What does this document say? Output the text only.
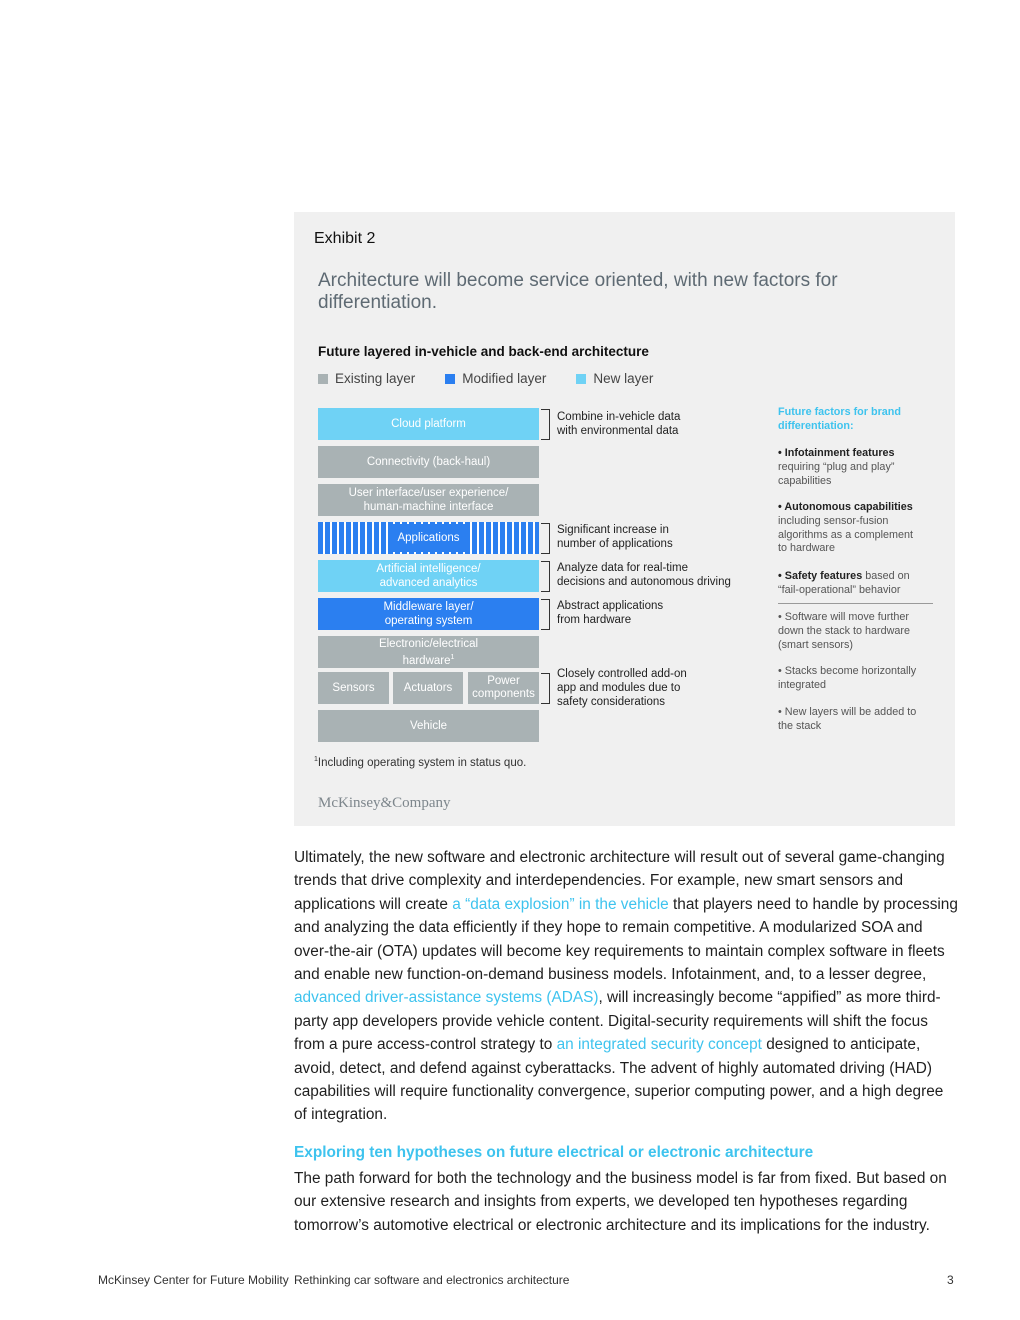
Exhibit 2
Architecture will become service oriented, with new factors for differentiation.
Future layered in-vehicle and back-end architecture
Existing layer	Modified layer	New layer
Cloud platform
Connectivity (back-haul)
User interface/user experience/
human-machine interface
Applications
Artificial intelligence/
advanced analytics
Middleware layer/
operating system
Electronic/electrical
hardware$^1$
Sensors	Actuators
Power
components
Vehicle
Combine in-vehicle data
with environmental data
Significant increase in
number of applications
Analyze data for real-time
decisions and autonomous driving
Abstract applications
from hardware
Closely controlled add-on
app and modules due to
safety considerations
Future factors for brand
differentiation:
• Infotainment features
requiring “plug and play”
capabilities
• Autonomous capabilities
including sensor-fusion
algorithms as a complement
to hardware
• Safety features based on
“fail-operational” behavior
• Software will move further
down the stack to hardware
(smart sensors)
• Stacks become horizontally
integrated
• New layers will be added to
the stack
$^1$Including operating system in status quo.
McKinsey&Company
Ultimately, the new software and electronic architecture will result out of several game-changing trends that drive complexity and interdependencies. For example, new smart sensors and applications will create a “data explosion” in the vehicle that players need to handle by processing and analyzing the data efficiently if they hope to remain competitive. A modularized SOA and over-the-air (OTA) updates will become key requirements to maintain complex software in fleets and enable new function-on-demand business models. Infotainment, and, to a lesser degree, advanced driver-assistance systems (ADAS), will increasingly become “appified” as more third-party app developers provide vehicle content. Digital-security requirements will shift the focus from a pure access-control strategy to an integrated security concept designed to anticipate, avoid, detect, and defend against cyberattacks. The advent of highly automated driving (HAD) capabilities will require functionality convergence, superior computing power, and a high degree of integration.
Exploring ten hypotheses on future electrical or electronic architecture
The path forward for both the technology and the business model is far from fixed. But based on our extensive research and insights from experts, we developed ten hypotheses regarding tomorrow’s automotive electrical or electronic architecture and its implications for the industry.
McKinsey Center for Future Mobility Rethinking car software and electronics architecture	3
